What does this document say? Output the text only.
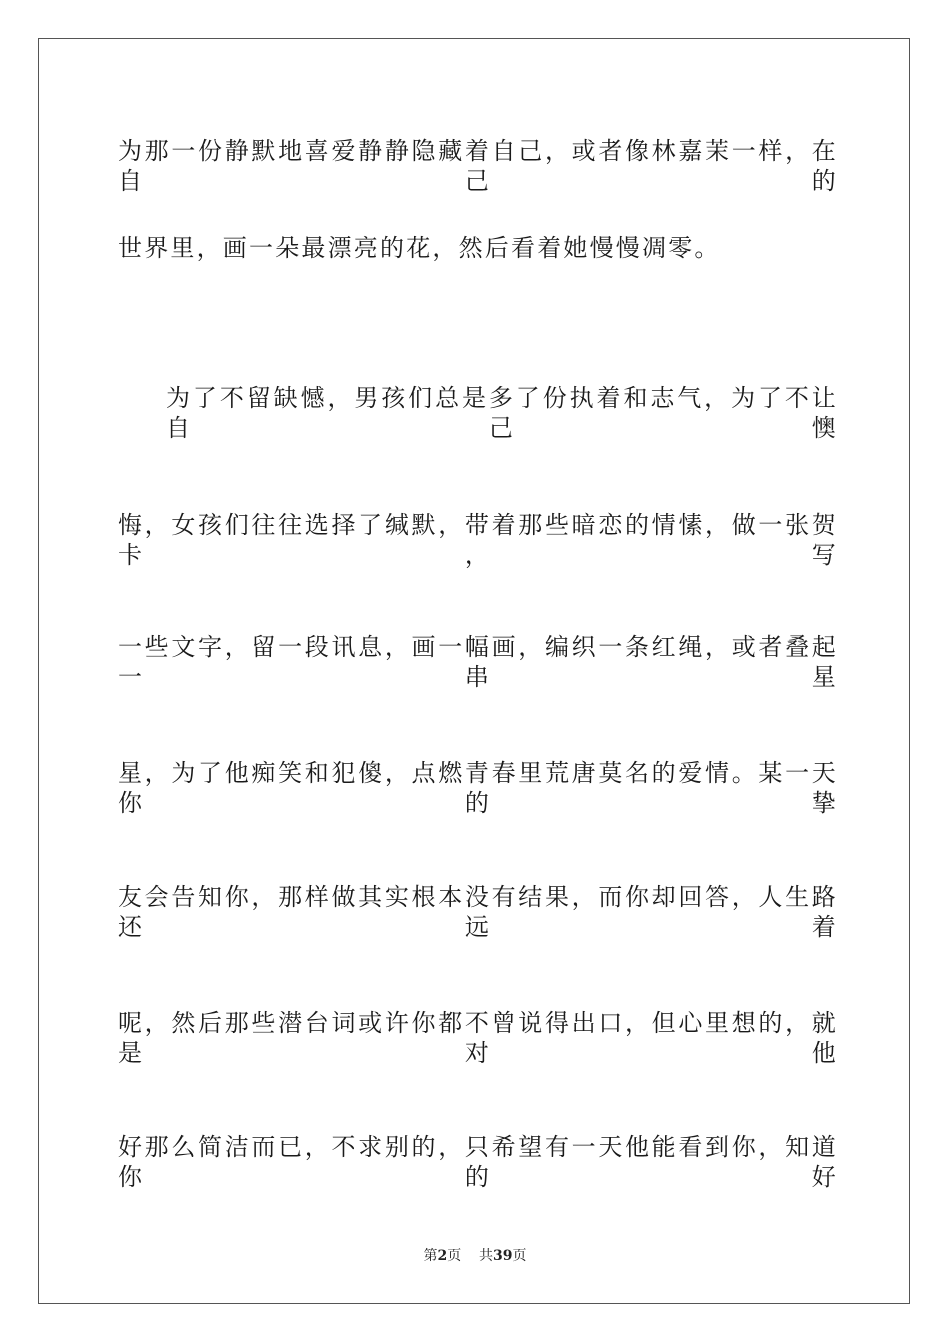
为那一份静默地喜爱静静隐藏着自己，或者像林嘉茉一样，在自己的
世界里，画一朵最漂亮的花，然后看着她慢慢凋零。
为了不留缺憾，男孩们总是多了份执着和志气，为了不让自己懊
悔，女孩们往往选择了缄默，带着那些暗恋的情愫，做一张贺卡，写
一些文字，留一段讯息，画一幅画，编织一条红绳，或者叠起一串星
星，为了他痴笑和犯傻，点燃青春里荒唐莫名的爱情。某一天你的挚
友会告知你，那样做其实根本没有结果，而你却回答，人生路还远着
呢，然后那些潜台词或许你都不曾说得出口，但心里想的，就是对他
好那么简洁而已，不求别的，只希望有一天他能看到你，知道你的好
第2页 共39页
